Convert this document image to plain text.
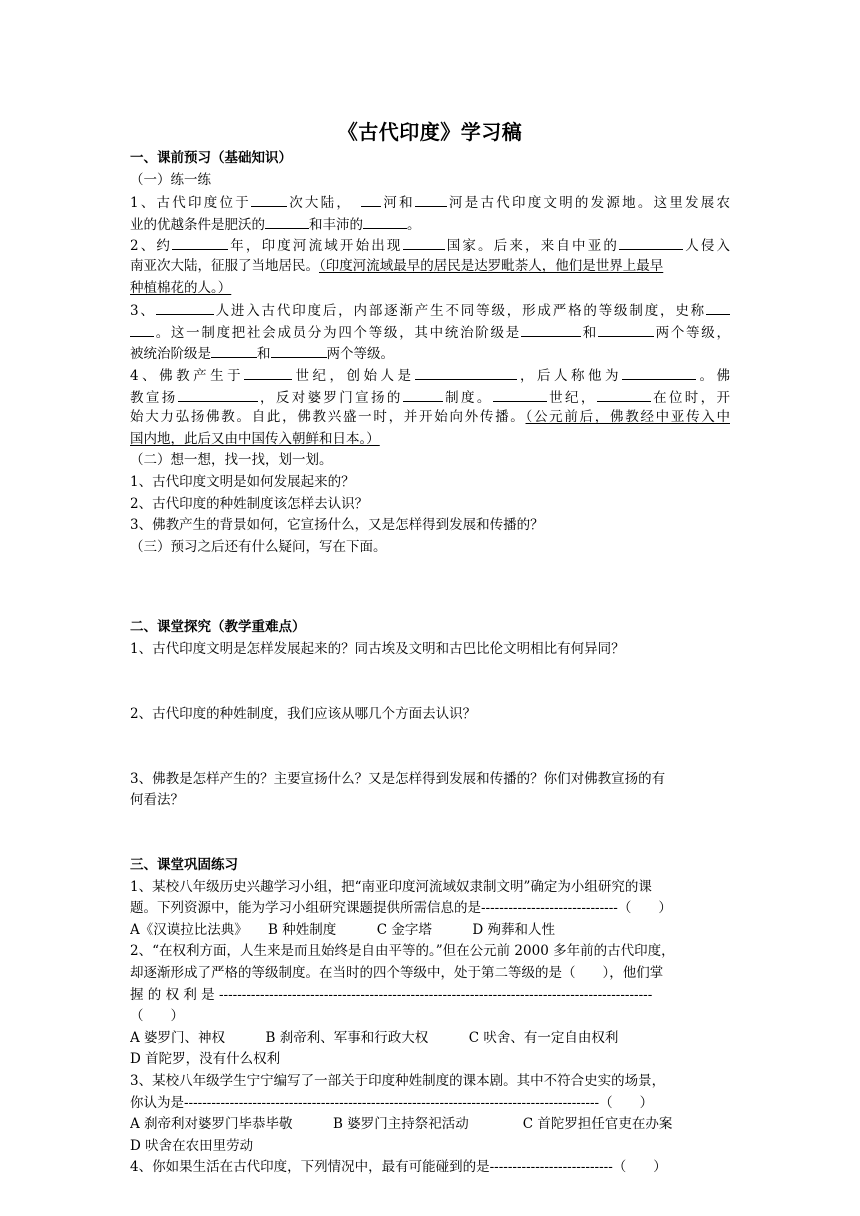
《古代印度》学习稿
一、课前预习（基础知识）
（一）练一练
1、古代印度位于	次大陆，　	河和 河是古代印度文明的发源地。这里发展农
业的优越条件是肥沃的	和丰沛的	。
2、约	年，印度河流域开始出现	国家。后来，来自中亚的	人侵入
南亚次大陆，征服了当地居民。（印度河流域最早的居民是达罗毗荼人，他们是世界上最早
种植棉花的人。）
3、	人进入古代印度后，内部逐渐产生不同等级，形成严格的等级制度，史称
。这一制度把社会成员分为四个等级，其中统治阶级是	和	两个等级，
被统治阶级是	和	两个等级。
4、佛教产生于	世纪，创始人是	，后人称他为	。佛
教宣扬	，反对婆罗门宣扬的	制度。	世纪，	在位时，开
始大力弘扬佛教。自此，佛教兴盛一时，并开始向外传播。（公元前后，佛教经中亚传入中
国内地，此后又由中国传入朝鲜和日本。）
（二）想一想，找一找，划一划。
1、古代印度文明是如何发展起来的？
2、古代印度的种姓制度该怎样去认识？
3、佛教产生的背景如何，它宣扬什么，又是怎样得到发展和传播的？
（三）预习之后还有什么疑问，写在下面。
二、课堂探究（教学重难点）
1、古代印度文明是怎样发展起来的？同古埃及文明和古巴比伦文明相比有何异同？
2、古代印度的种姓制度，我们应该从哪几个方面去认识？
3、佛教是怎样产生的？主要宣扬什么？又是怎样得到发展和传播的？你们对佛教宣扬的有
何看法？
三、课堂巩固练习
1、某校八年级历史兴趣学习小组，把“南亚印度河流域奴隶制文明”确定为小组研究的课
题。下列资源中，能为学习小组研究课题提供所需信息的是------------------------------（　　）
A《汉谟拉比法典》　　B 种姓制度　　　C 金字塔　　　D 殉葬和人性
2、“在权利方面，人生来是而且始终是自由平等的。”但在公元前 2000 多年前的古代印度，
却逐渐形成了严格的等级制度。在当时的四个等级中，处于第二等级的是（　　），他们掌
握 的 权 利 是 -----------------------------------------------------------------------------------------------
（　　）
A 婆罗门、神权　　　B 刹帝利、军事和行政大权　　　C 吠舍、有一定自由权利
D 首陀罗，没有什么权利
3、某校八年级学生宁宁编写了一部关于印度种姓制度的课本剧。其中不符合史实的场景，
你认为是-------------------------------------------------------------------------------------------（　　）
A 刹帝利对婆罗门毕恭毕敬　　　B 婆罗门主持祭祀活动　　　　C 首陀罗担任官吏在办案
D 吠舍在农田里劳动
4、你如果生活在古代印度，下列情况中，最有可能碰到的是---------------------------（　　）
